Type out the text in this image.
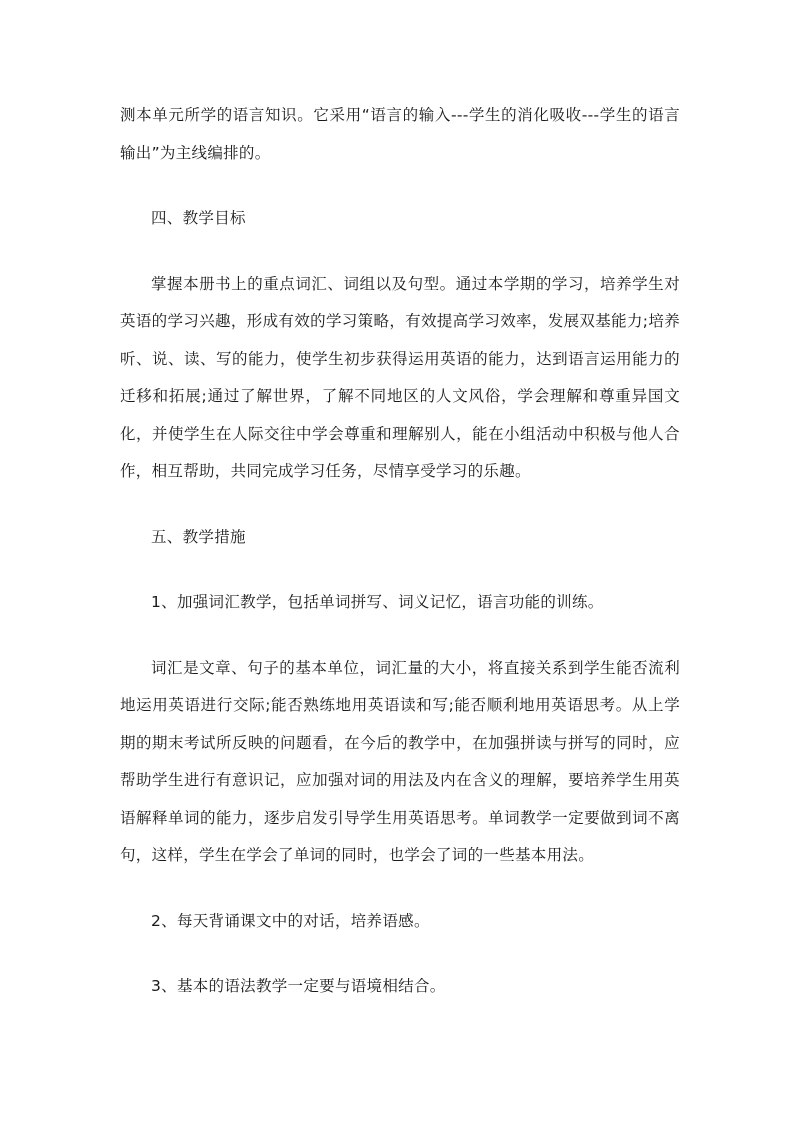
测本单元所学的语言知识。它采用“语言的输入---学生的消化吸收---学生的语言输出”为主线编排的。

四、教学目标

掌握本册书上的重点词汇、词组以及句型。通过本学期的学习，培养学生对英语的学习兴趣，形成有效的学习策略，有效提高学习效率，发展双基能力;培养听、说、读、写的能力，使学生初步获得运用英语的能力，达到语言运用能力的迁移和拓展;通过了解世界，了解不同地区的人文风俗，学会理解和尊重异国文化，并使学生在人际交往中学会尊重和理解别人，能在小组活动中积极与他人合作，相互帮助，共同完成学习任务，尽情享受学习的乐趣。

五、教学措施

1、加强词汇教学，包括单词拼写、词义记忆，语言功能的训练。

词汇是文章、句子的基本单位，词汇量的大小，将直接关系到学生能否流利地运用英语进行交际;能否熟练地用英语读和写;能否顺利地用英语思考。从上学期的期末考试所反映的问题看，在今后的教学中，在加强拼读与拼写的同时，应帮助学生进行有意识记，应加强对词的用法及内在含义的理解，要培养学生用英语解释单词的能力，逐步启发引导学生用英语思考。单词教学一定要做到词不离句，这样，学生在学会了单词的同时，也学会了词的一些基本用法。

2、每天背诵课文中的对话，培养语感。

3、基本的语法教学一定要与语境相结合。
